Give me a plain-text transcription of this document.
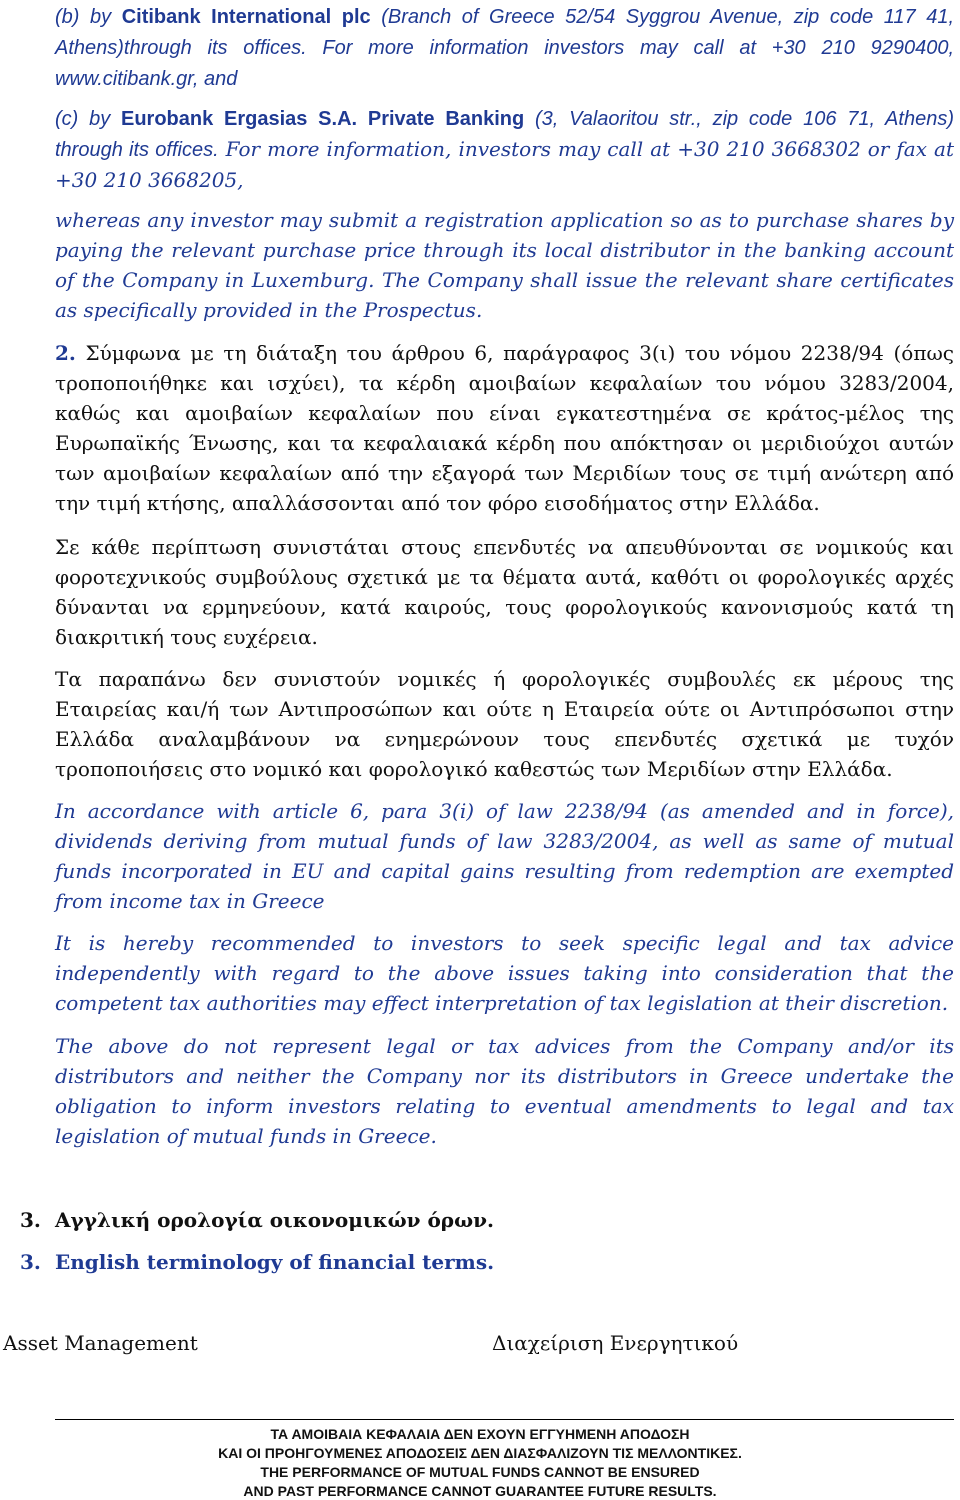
(b) by Citibank International plc (Branch of Greece 52/54 Syggrou Avenue, zip code 117 41, Athens)through its offices. For more information investors may call at +30 210 9290400, www.citibank.gr, and

(c) by Eurobank Ergasias S.A. Private Banking (3, Valaoritou str., zip code 106 71, Athens) through its offices. For more information, investors may call at +30 210 3668302 or fax at +30 210 3668205,

whereas any investor may submit a registration application so as to purchase shares by paying the relevant purchase price through its local distributor in the banking account of the Company in Luxemburg. The Company shall issue the relevant share certificates as specifically provided in the Prospectus.

2. Σύμφωνα με τη διάταξη του άρθρου 6, παράγραφος 3(ι) του νόμου 2238/94 (όπως τροποποιήθηκε και ισχύει), τα κέρδη αμοιβαίων κεφαλαίων του νόμου 3283/2004, καθώς και αμοιβαίων κεφαλαίων που είναι εγκατεστημένα σε κράτος-μέλος της Ευρωπαϊκής Ένωσης, και τα κεφαλαιακά κέρδη που απόκτησαν οι μεριδιούχοι αυτών των αμοιβαίων κεφαλαίων από την εξαγορά των Μεριδίων τους σε τιμή ανώτερη από την τιμή κτήσης, απαλλάσσονται από τον φόρο εισοδήματος στην Ελλάδα.

Σε κάθε περίπτωση συνιστάται στους επενδυτές να απευθύνονται σε νομικούς και φοροτεχνικούς συμβούλους σχετικά με τα θέματα αυτά, καθότι οι φορολογικές αρχές δύνανται να ερμηνεύουν, κατά καιρούς, τους φορολογικούς κανονισμούς κατά τη διακριτική τους ευχέρεια.

Τα παραπάνω δεν συνιστούν νομικές ή φορολογικές συμβουλές εκ μέρους της Εταιρείας και/ή των Αντιπροσώπων και ούτε η Εταιρεία ούτε οι Αντιπρόσωποι στην Ελλάδα αναλαμβάνουν να ενημερώνουν τους επενδυτές σχετικά με τυχόν τροποποιήσεις στο νομικό και φορολογικό καθεστώς των Μεριδίων στην Ελλάδα.

In accordance with article 6, para 3(i) of law 2238/94 (as amended and in force), dividends deriving from mutual funds of law 3283/2004, as well as same of mutual funds incorporated in EU and capital gains resulting from redemption are exempted from income tax in Greece

It is hereby recommended to investors to seek specific legal and tax advice independently with regard to the above issues taking into consideration that the competent tax authorities may effect interpretation of tax legislation at their discretion.

The above do not represent legal or tax advices from the Company and/or its distributors and neither the Company nor its distributors in Greece undertake the obligation to inform investors relating to eventual amendments to legal and tax legislation of mutual funds in Greece.

3. Αγγλική ορολογία οικονομικών όρων.

3. English terminology of financial terms.

Asset Management	Διαχείριση Ενεργητικού

ΤΑ ΑΜΟΙΒΑΙΑ ΚΕΦΑΛΑΙΑ ΔΕΝ ΕΧΟΥΝ ΕΓΓΥΗΜΕΝΗ ΑΠΟΔΟΣΗ

ΚΑΙ ΟΙ ΠΡΟΗΓΟΥΜΕΝΕΣ ΑΠΟΔΟΣΕΙΣ ΔΕΝ ΔΙΑΣΦΑΛΙΖΟΥΝ ΤΙΣ ΜΕΛΛΟΝΤΙΚΕΣ.

THE PERFORMANCE OF MUTUAL FUNDS CANNOT BE ENSURED

AND PAST PERFORMANCE CANNOT GUARANTEE FUTURE RESULTS.
